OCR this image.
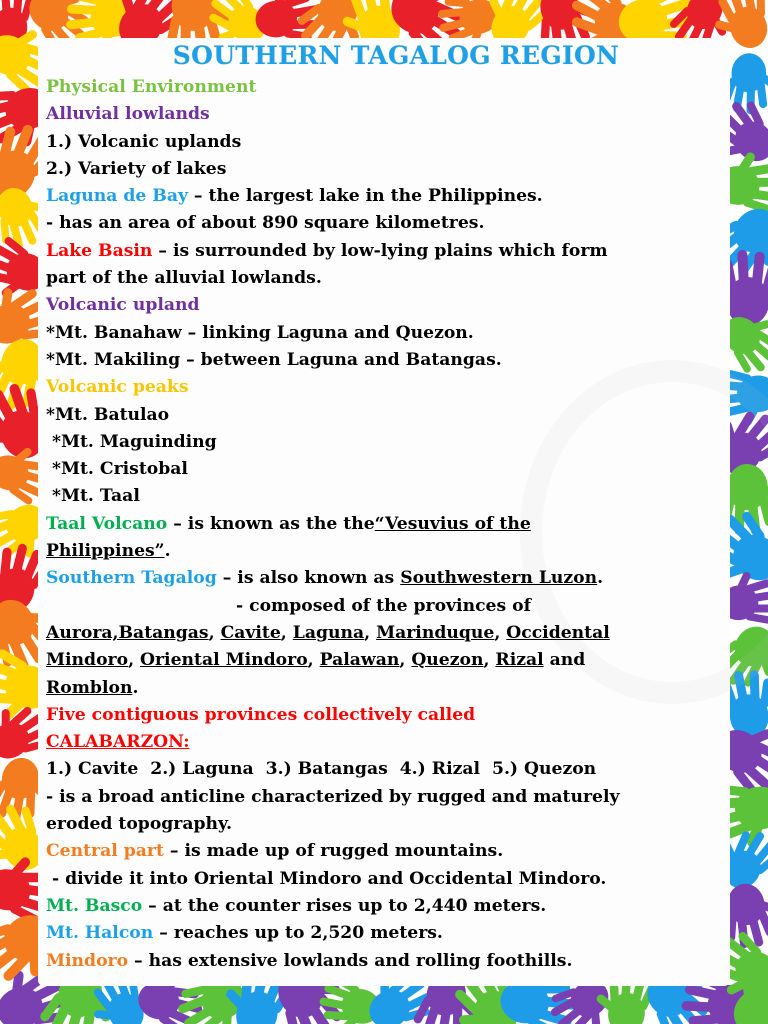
SOUTHERN TAGALOG REGION
Physical Environment
Alluvial lowlands
1.) Volcanic uplands
2.) Variety of lakes
Laguna de Bay – the largest lake in the Philippines.
- has an area of about 890 square kilometres.
Lake Basin – is surrounded by low-lying plains which form
part of the alluvial lowlands.
Volcanic upland
*Mt. Banahaw – linking Laguna and Quezon.
*Mt. Makiling – between Laguna and Batangas.
Volcanic peaks
*Mt. Batulao
*Mt. Maguinding
*Mt. Cristobal
*Mt. Taal
Taal Volcano – is known as the the“Vesuvius of the
Philippines”.
Southern Tagalog – is also known as Southwestern Luzon.
- composed of the provinces of
Aurora,Batangas, Cavite, Laguna, Marinduque, Occidental
Mindoro, Oriental Mindoro, Palawan, Quezon, Rizal and
Romblon.
Five contiguous provinces collectively called
CALABARZON:
1.) Cavite  2.) Laguna  3.) Batangas  4.) Rizal  5.) Quezon
- is a broad anticline characterized by rugged and maturely
eroded topography.
Central part – is made up of rugged mountains.
- divide it into Oriental Mindoro and Occidental Mindoro.
Mt. Basco – at the counter rises up to 2,440 meters.
Mt. Halcon – reaches up to 2,520 meters.
Mindoro – has extensive lowlands and rolling foothills.
